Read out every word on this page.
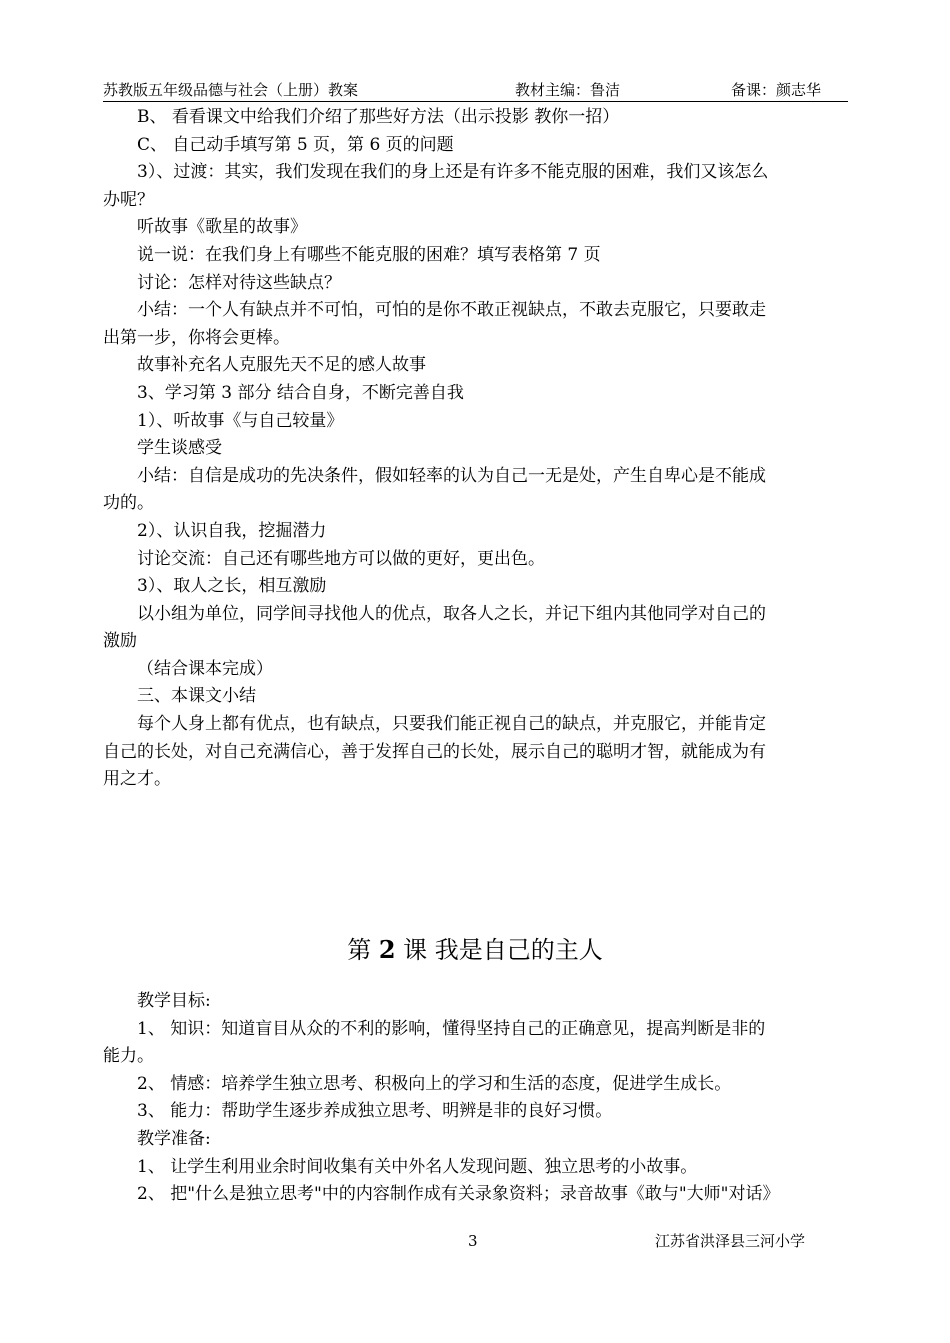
苏教版五年级品德与社会（上册）教案	教材主编：鲁洁	备课：颜志华

B、 看看课文中给我们介绍了那些好方法（出示投影 教你一招）

C、 自己动手填写第 5 页，第 6 页的问题

3）、过渡：其实，我们发现在我们的身上还是有许多不能克服的困难，我们又该怎么

办呢？

听故事《歌星的故事》

说一说：在我们身上有哪些不能克服的困难？填写表格第 7 页

讨论：怎样对待这些缺点？

小结：一个人有缺点并不可怕，可怕的是你不敢正视缺点，不敢去克服它，只要敢走

出第一步，你将会更棒。

故事补充名人克服先天不足的感人故事

3、学习第 3 部分 结合自身，不断完善自我

1）、听故事《与自己较量》

学生谈感受

小结：自信是成功的先决条件，假如轻率的认为自己一无是处，产生自卑心是不能成

功的。

2）、认识自我，挖掘潜力

讨论交流：自己还有哪些地方可以做的更好，更出色。

3）、取人之长，相互激励

以小组为单位，同学间寻找他人的优点，取各人之长，并记下组内其他同学对自己的

激励

（结合课本完成）

三、本课文小结

每个人身上都有优点，也有缺点，只要我们能正视自己的缺点，并克服它，并能肯定

自己的长处，对自己充满信心，善于发挥自己的长处，展示自己的聪明才智，就能成为有

用之才。

第 2 课 我是自己的主人

教学目标:

1、 知识：知道盲目从众的不利的影响，懂得坚持自己的正确意见，提高判断是非的

能力。

2、 情感：培养学生独立思考、积极向上的学习和生活的态度，促进学生成长。

3、 能力：帮助学生逐步养成独立思考、明辨是非的良好习惯。

教学准备:

1、 让学生利用业余时间收集有关中外名人发现问题、独立思考的小故事。

2、 把"什么是独立思考"中的内容制作成有关录象资料；录音故事《敢与"大师"对话》

3	江苏省洪泽县三河小学
